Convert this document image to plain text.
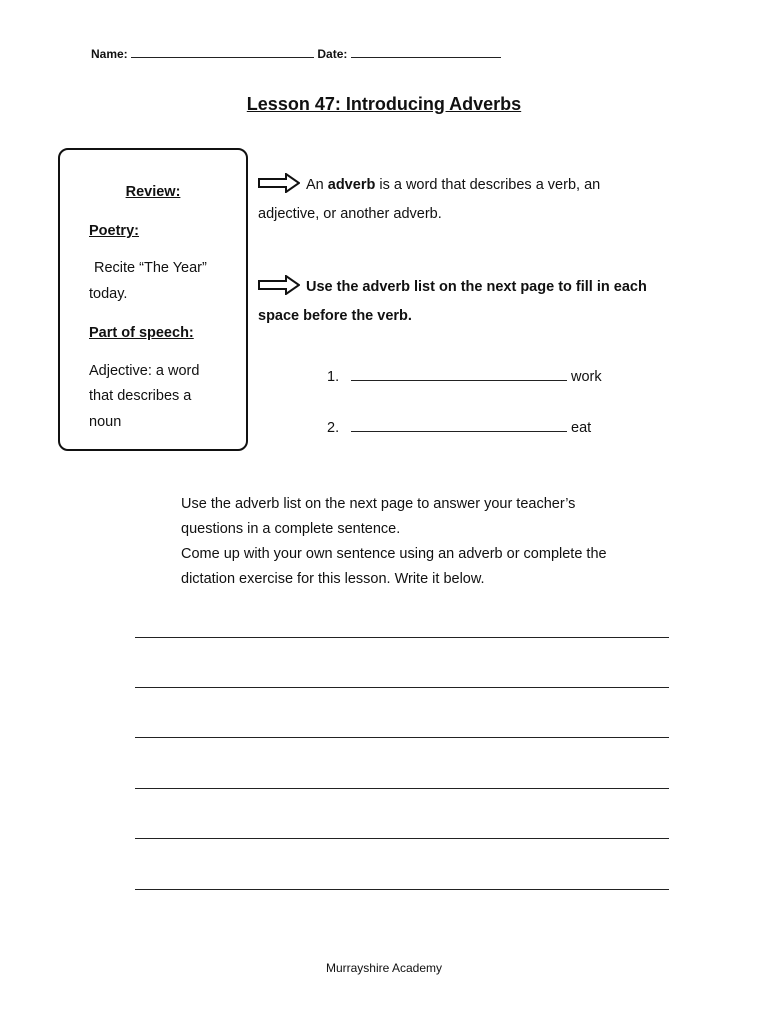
Name:	Date:
Lesson 47: Introducing Adverbs
Review:
Poetry:
Recite “The Year”
today.
Part of speech:
Adjective: a word
that describes a
noun
An adverb is a word that describes a verb, an
adjective, or another adverb.
Use the adverb list on the next page to fill in each
space before the verb.
1.	work
2.	eat
Use the adverb list on the next page to answer your teacher’s
questions in a complete sentence.
Come up with your own sentence using an adverb or complete the
dictation exercise for this lesson. Write it below.
Murrayshire Academy
